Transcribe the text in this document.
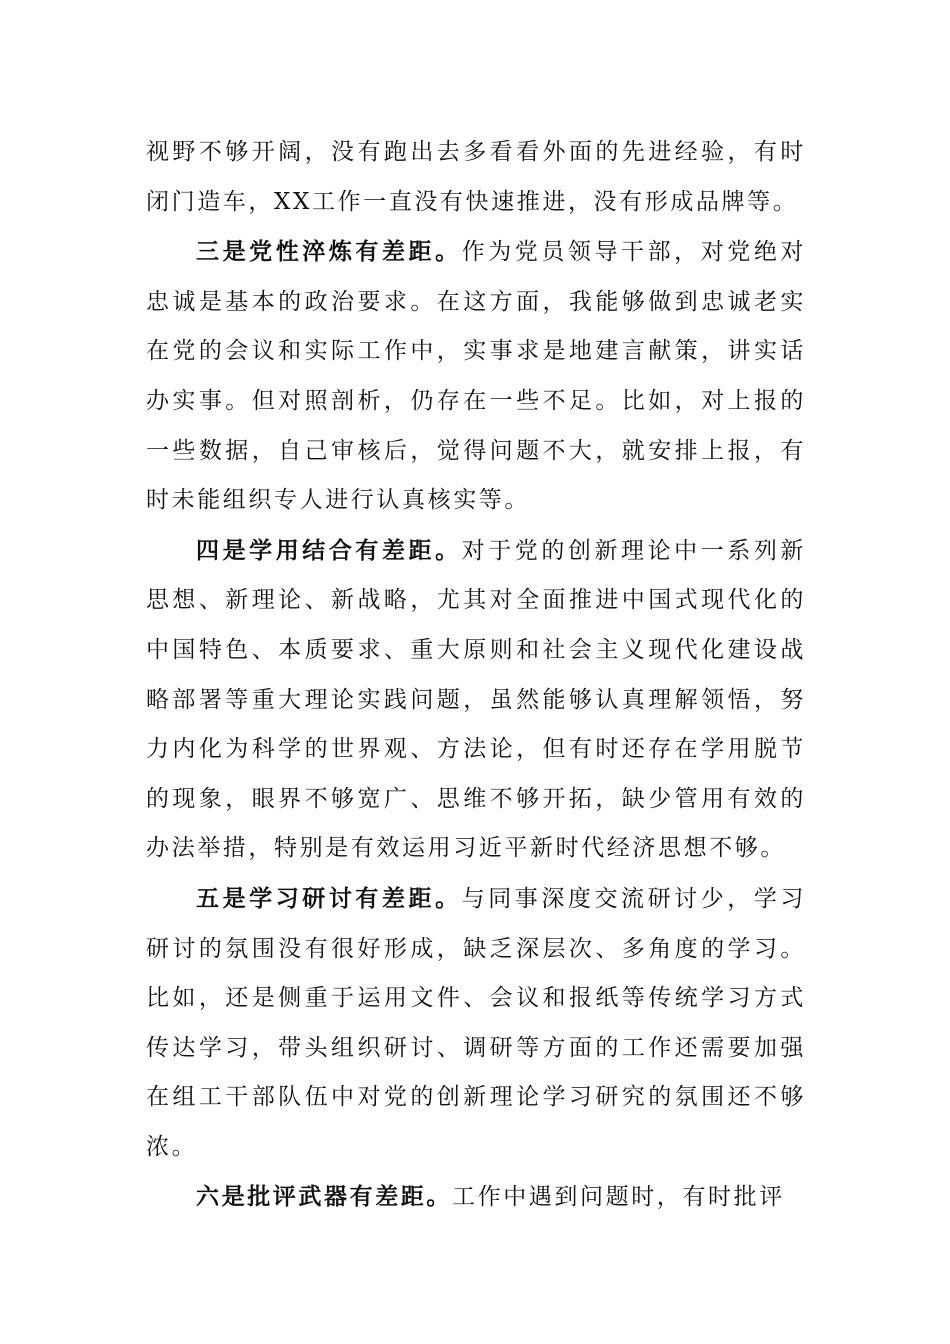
视野不够开阔，没有跑出去多看看外面的先进经验，有时闭门造车，XX工作一直没有快速推进，没有形成品牌等。

三是党性淬炼有差距。作为党员领导干部，对党绝对忠诚是基本的政治要求。在这方面，我能够做到忠诚老实在党的会议和实际工作中，实事求是地建言献策，讲实话办实事。但对照剖析，仍存在一些不足。比如，对上报的一些数据，自己审核后，觉得问题不大，就安排上报，有时未能组织专人进行认真核实等。

四是学用结合有差距。对于党的创新理论中一系列新思想、新理论、新战略，尤其对全面推进中国式现代化的中国特色、本质要求、重大原则和社会主义现代化建设战略部署等重大理论实践问题，虽然能够认真理解领悟，努力内化为科学的世界观、方法论，但有时还存在学用脱节的现象，眼界不够宽广、思维不够开拓，缺少管用有效的办法举措，特别是有效运用习近平新时代经济思想不够。

五是学习研讨有差距。与同事深度交流研讨少，学习研讨的氛围没有很好形成，缺乏深层次、多角度的学习。比如，还是侧重于运用文件、会议和报纸等传统学习方式传达学习，带头组织研讨、调研等方面的工作还需要加强在组工干部队伍中对党的创新理论学习研究的氛围还不够浓。

六是批评武器有差距。工作中遇到问题时，有时批评
